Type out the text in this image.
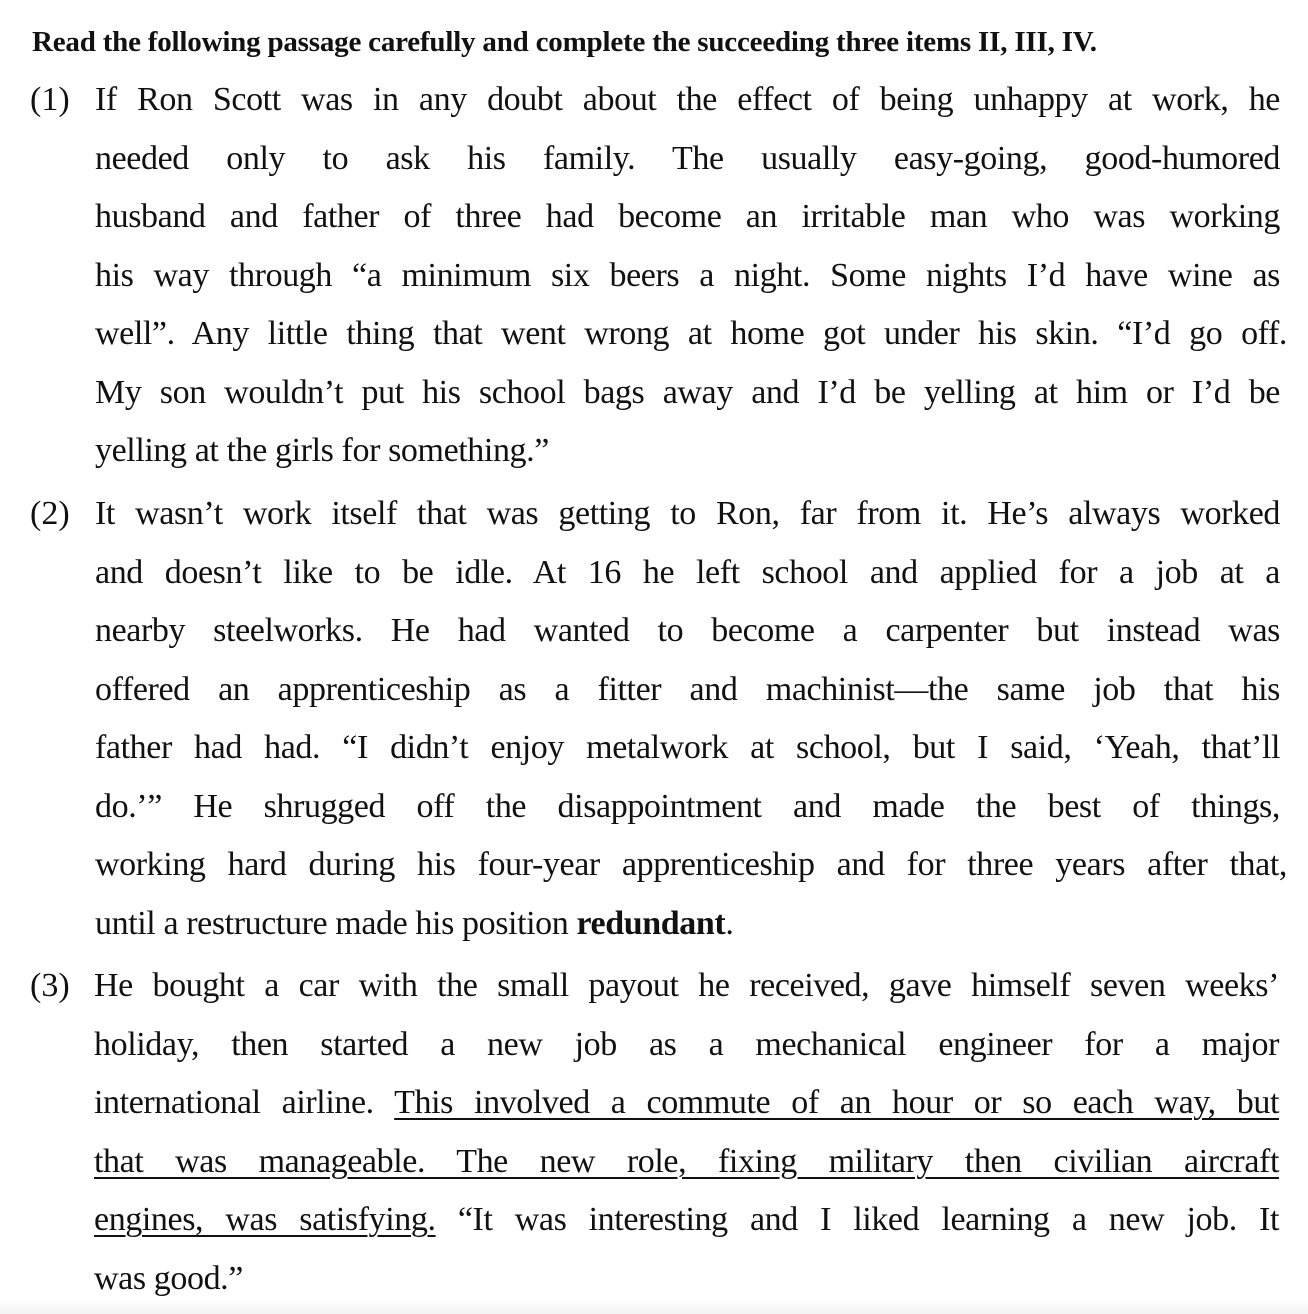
Read the following passage carefully and complete the succeeding three items II, III, IV.
(1) If Ron Scott was in any doubt about the effect of being unhappy at work, he
needed only to ask his family. The usually easy-going, good-humored
husband and father of three had become an irritable man who was working
his way through “a minimum six beers a night. Some nights I’d have wine as
well”. Any little thing that went wrong at home got under his skin. “I’d go off.
My son wouldn’t put his school bags away and I’d be yelling at him or I’d be
yelling at the girls for something.”
(2) It wasn’t work itself that was getting to Ron, far from it. He’s always worked
and doesn’t like to be idle. At 16 he left school and applied for a job at a
nearby steelworks. He had wanted to become a carpenter but instead was
offered an apprenticeship as a fitter and machinist—the same job that his
father had had. “I didn’t enjoy metalwork at school, but I said, ‘Yeah, that’ll
do.’” He shrugged off the disappointment and made the best of things,
working hard during his four-year apprenticeship and for three years after that,
until a restructure made his position redundant.
(3) He bought a car with the small payout he received, gave himself seven weeks’
holiday, then started a new job as a mechanical engineer for a major
international airline. This involved a commute of an hour or so each way, but
that was manageable. The new role, fixing military then civilian aircraft
engines, was satisfying. “It was interesting and I liked learning a new job. It
was good.”
